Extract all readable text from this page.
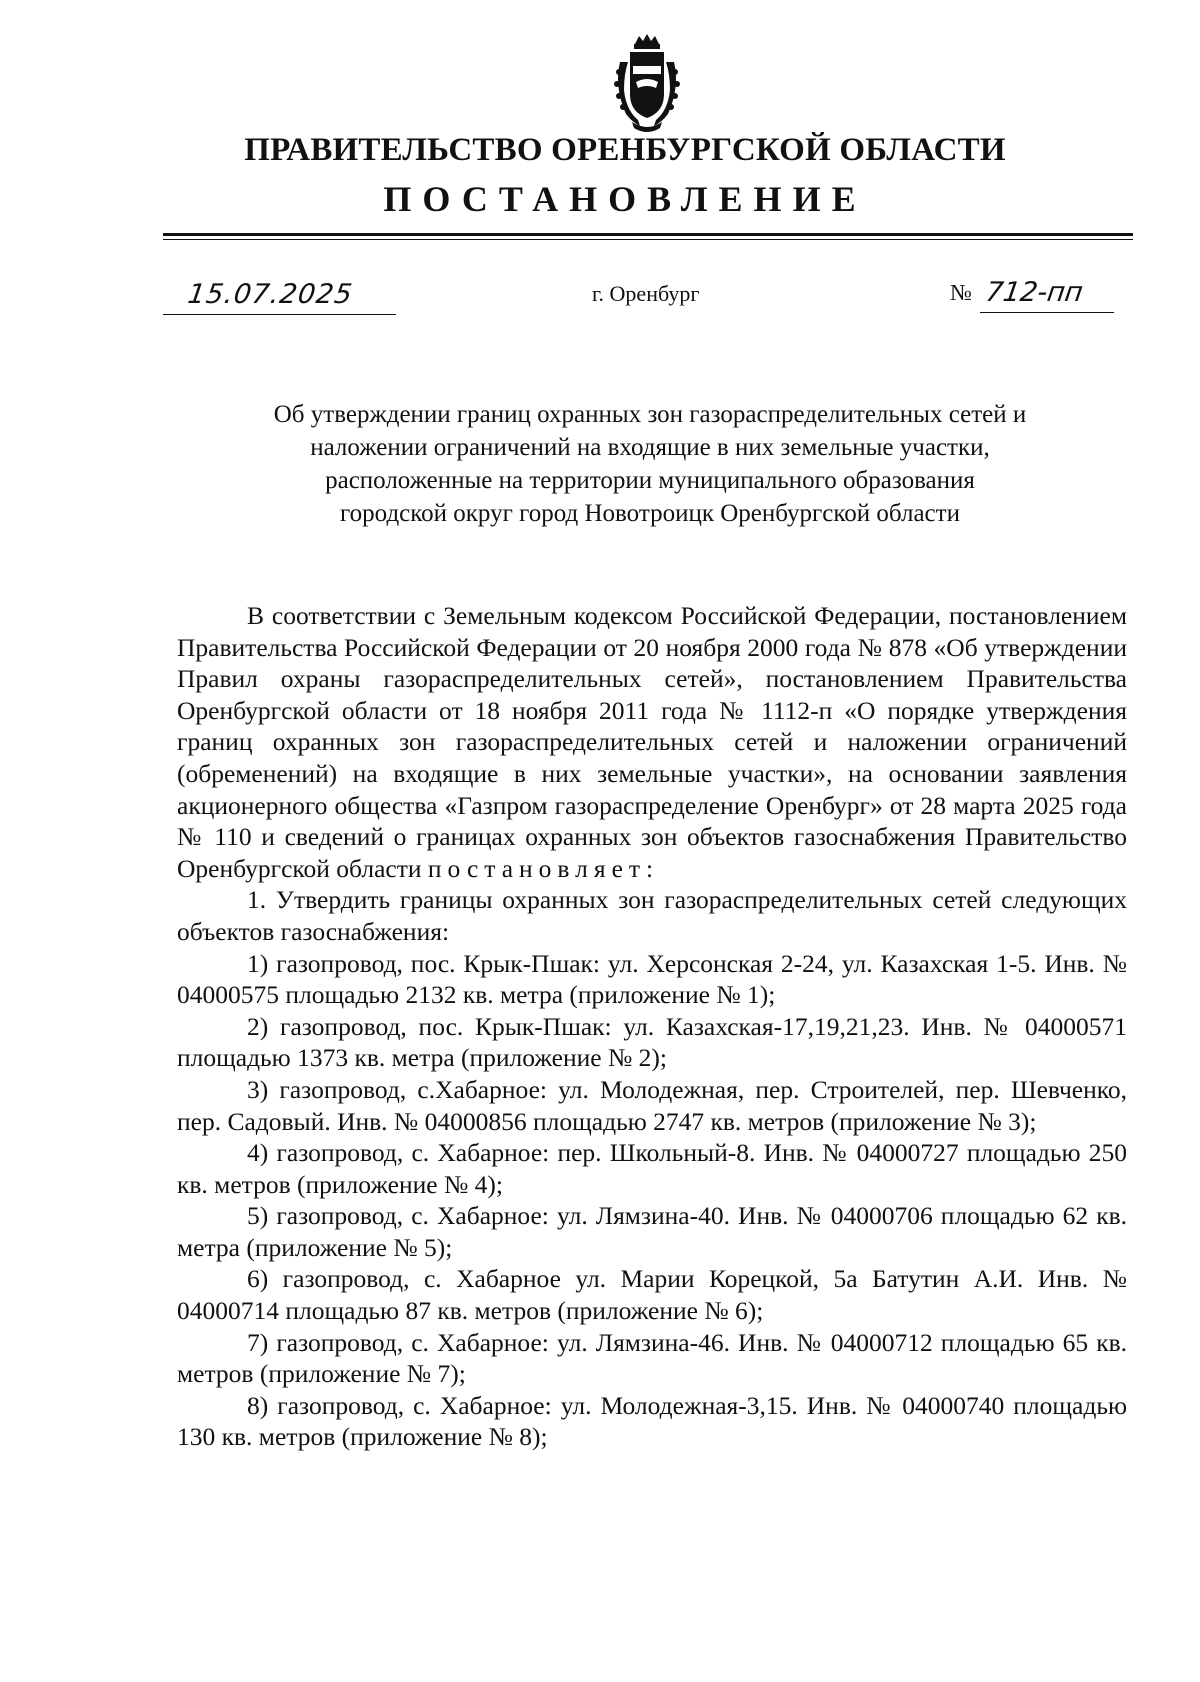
ПРАВИТЕЛЬСТВО ОРЕНБУРГСКОЙ ОБЛАСТИ
ПОСТАНОВЛЕНИЕ
15.07.2025	г. Оренбург	№ 712-пп
Об утверждении границ охранных зон газораспределительных сетей и
наложении ограничений на входящие в них земельные участки,
расположенные на территории муниципального образования
городской округ город Новотроицк Оренбургской области

В соответствии с Земельным кодексом Российской Федерации, постановлением Правительства Российской Федерации от 20 ноября 2000 года № 878 «Об утверждении Правил охраны газораспределительных сетей», постановлением Правительства Оренбургской области от 18 ноября 2011 года № 1112-п «О порядке утверждения границ охранных зон газораспределительных сетей и наложении ограничений (обременений) на входящие в них земельные участки», на основании заявления акционерного общества «Газпром газораспределение Оренбург» от 28 марта 2025 года № 110 и сведений о границах охранных зон объектов газоснабжения Правительство Оренбургской области постановляет:

1. Утвердить границы охранных зон газораспределительных сетей следующих объектов газоснабжения:

1) газопровод, пос. Крык-Пшак: ул. Херсонская 2-24, ул. Казахская 1-5. Инв. № 04000575 площадью 2132 кв. метра (приложение № 1);

2) газопровод, пос. Крык-Пшак: ул. Казахская-17,19,21,23. Инв. № 04000571 площадью 1373 кв. метра (приложение № 2);

3) газопровод, с.Хабарное: ул. Молодежная, пер. Строителей, пер. Шевченко, пер. Садовый. Инв. № 04000856 площадью 2747 кв. метров (приложение № 3);

4) газопровод, с. Хабарное: пер. Школьный-8. Инв. № 04000727 площадью 250 кв. метров (приложение № 4);

5) газопровод, с. Хабарное: ул. Лямзина-40. Инв. № 04000706 площадью 62 кв. метра (приложение № 5);

6) газопровод, с. Хабарное ул. Марии Корецкой, 5а Батутин А.И. Инв. № 04000714 площадью 87 кв. метров (приложение № 6);

7) газопровод, с. Хабарное: ул. Лямзина-46. Инв. № 04000712 площадью 65 кв. метров (приложение № 7);

8) газопровод, с. Хабарное: ул. Молодежная-3,15. Инв. № 04000740 площадью 130 кв. метров (приложение № 8);
